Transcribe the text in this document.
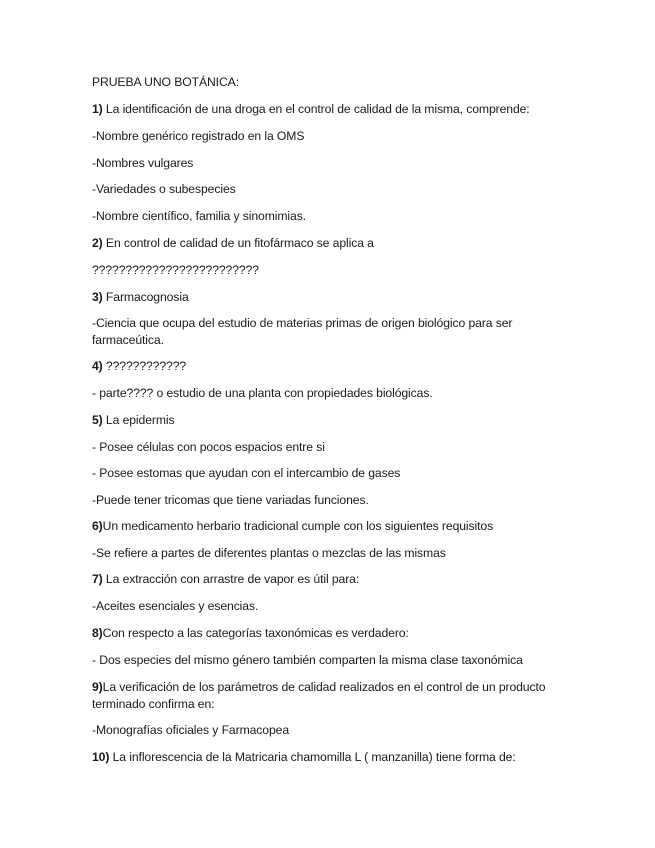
PRUEBA UNO BOTÁNICA:
1) La identificación de una droga en el control de calidad de la misma, comprende:
-Nombre genérico registrado en la OMS
-Nombres vulgares
-Variedades o subespecies
-Nombre científico, familia y sinomimias.
2) En control de calidad de un fitofármaco se aplica a
?????????????????????????
3) Farmacognosia
-Ciencia que ocupa del estudio de materias primas de origen biológico para ser farmaceútica.
4) ????????????
- parte???? o estudio de una planta con propiedades biológicas.
5) La epidermis
- Posee células con pocos espacios entre si
- Posee estomas que ayudan con el intercambio de gases
-Puede tener tricomas que tiene variadas funciones.
6)Un medicamento herbario tradicional cumple con los siguientes requisitos
-Se refiere a partes de diferentes plantas o mezclas de las mismas
7) La extracción con arrastre de vapor es útil para:
-Aceites esenciales y esencias.
8)Con respecto a las categorías taxonómicas es verdadero:
- Dos especies del mismo género también comparten la misma clase taxonómica
9)La verificación de los parámetros de calidad realizados en el control de un producto terminado confirma en:
-Monografías oficiales y Farmacopea
10) La inflorescencia de la Matricaria chamomilla L ( manzanilla) tiene forma de:
